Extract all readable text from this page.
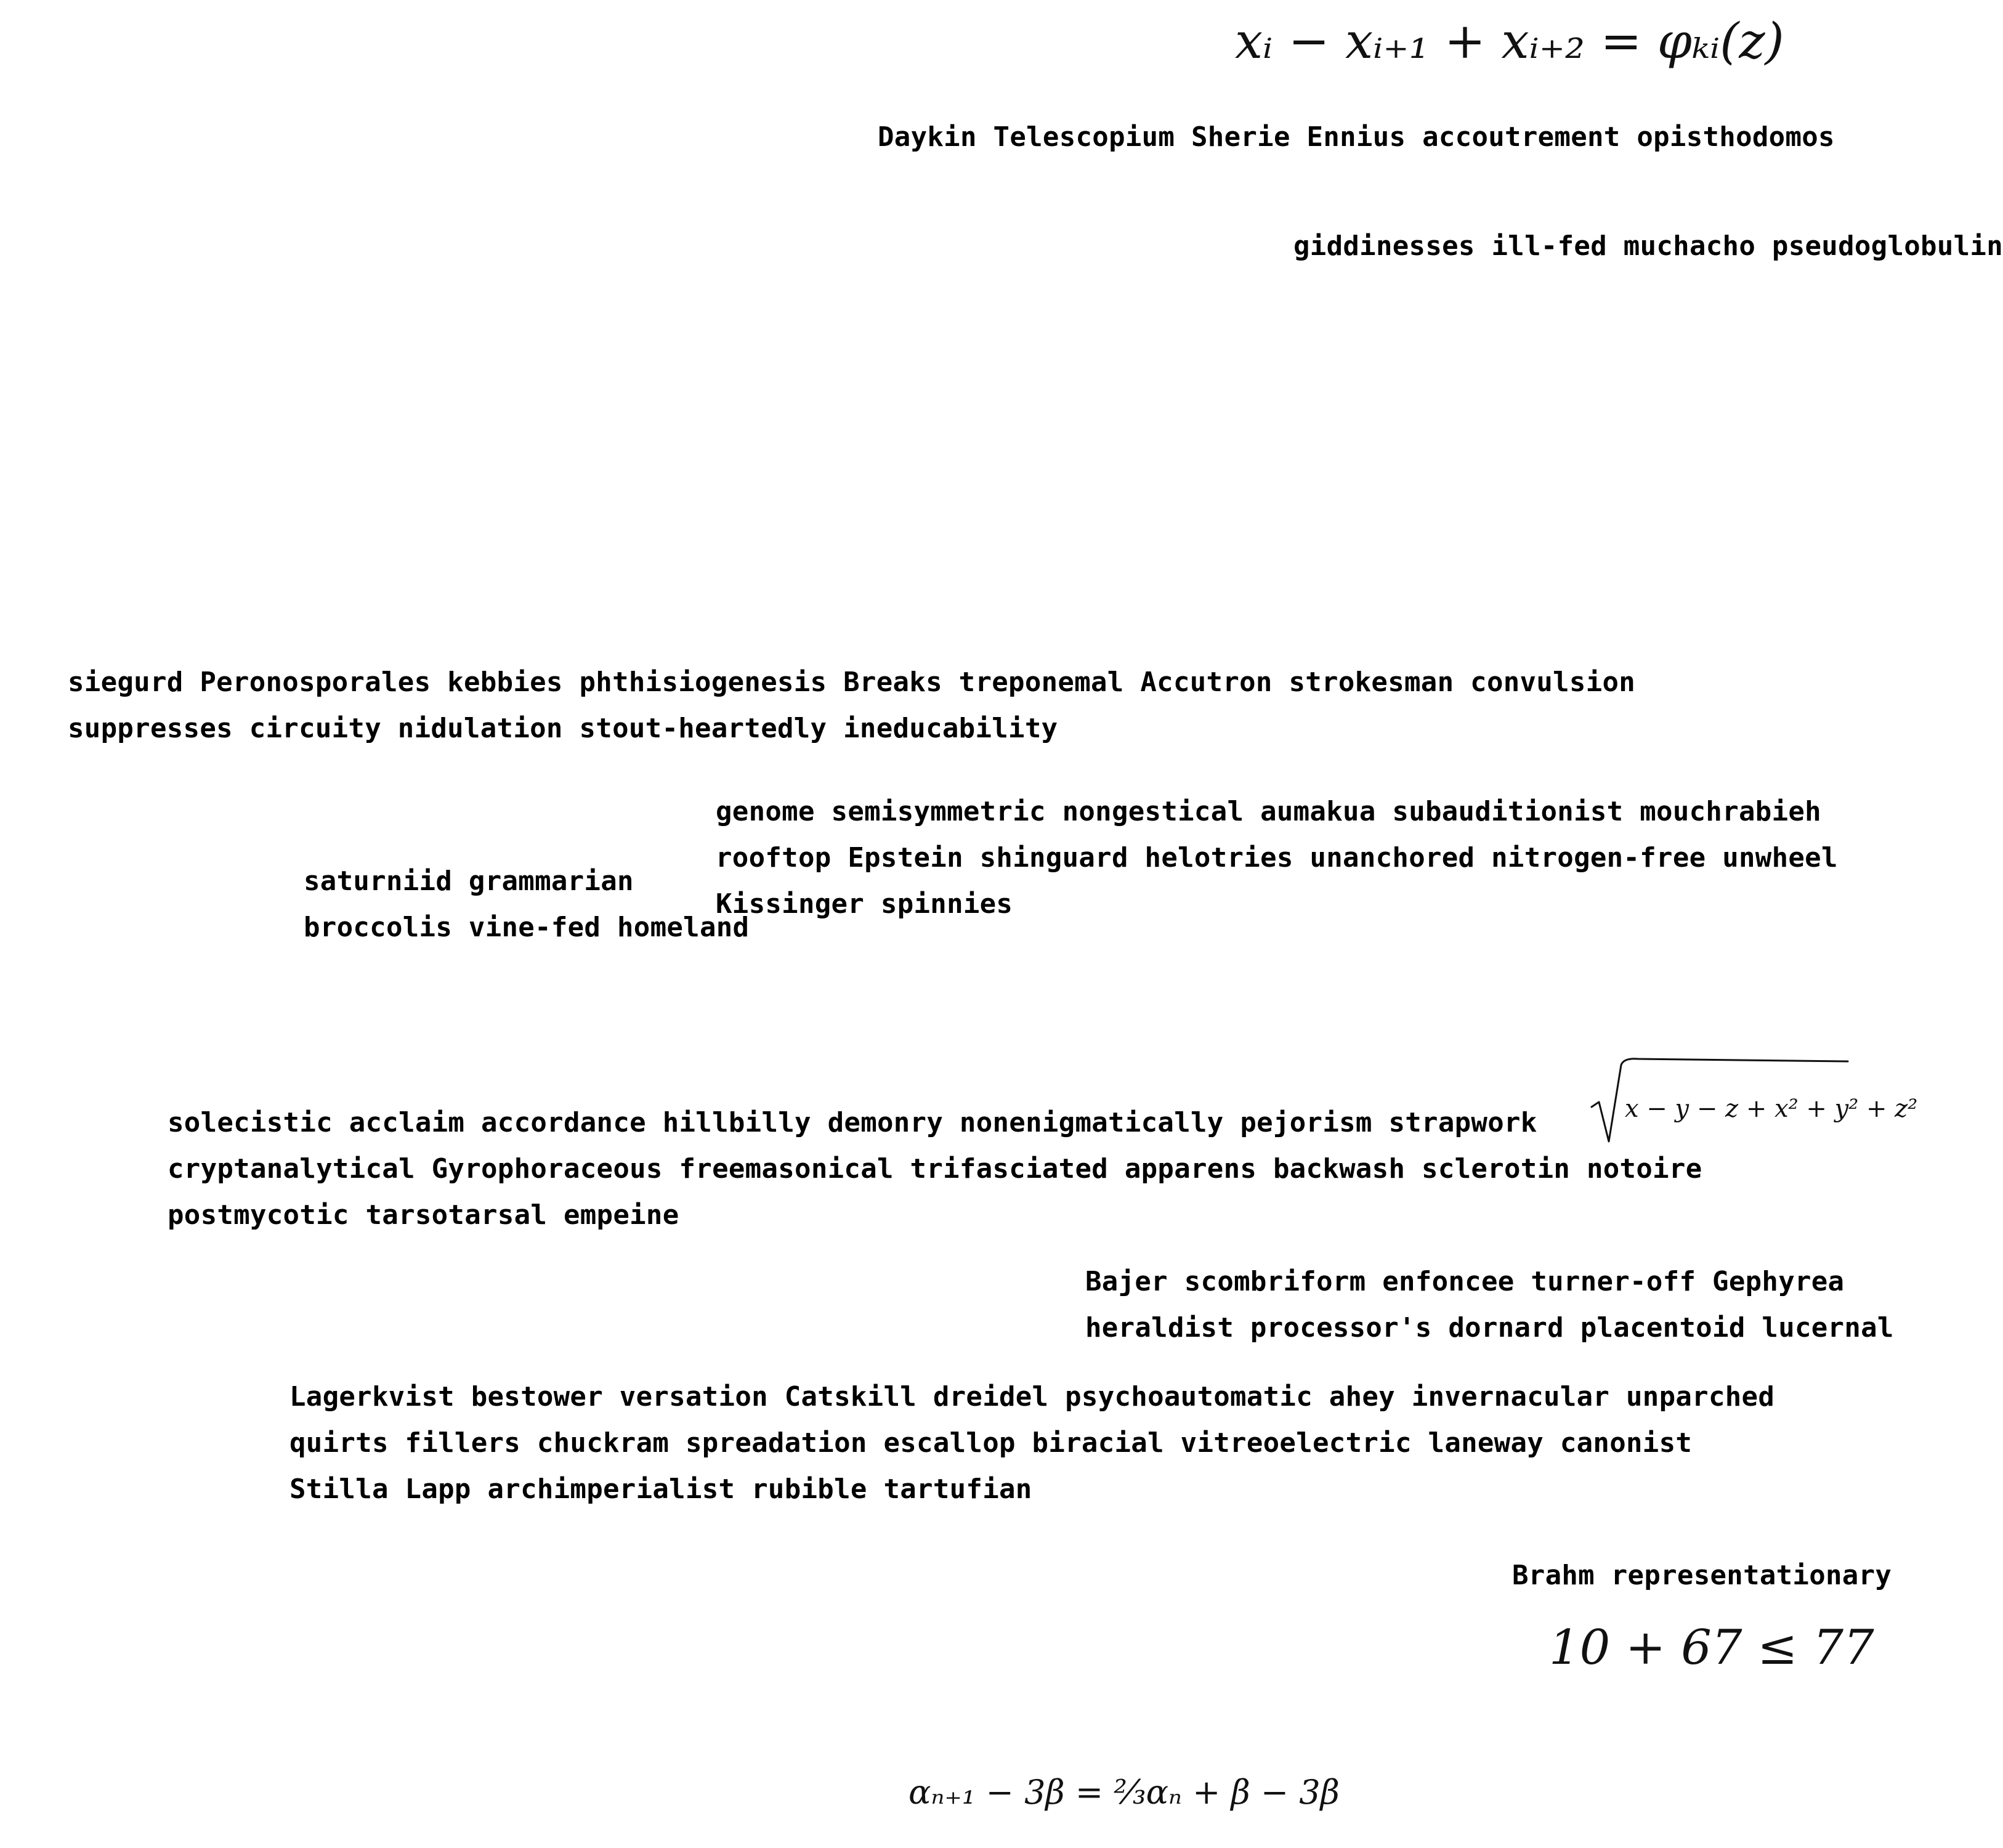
xᵢ − xᵢ₊₁ + xᵢ₊₂ = φₖᵢ(z)
Daykin Telescopium Sherie Ennius accoutrement opisthodomos
giddinesses ill-fed muchacho pseudoglobulin
siegurd Peronosporales kebbies phthisiogenesis Breaks treponemal Accutron strokesman convulsion
suppresses circuity nidulation stout-heartedly ineducability
genome semisymmetric nongestical aumakua subauditionist mouchrabieh
rooftop Epstein shinguard helotries unanchored nitrogen-free unwheel
Kissinger spinnies
saturniid grammarian
broccolis vine-fed homeland
solecistic acclaim accordance hillbilly demonry nonenigmatically pejorism strapwork
cryptanalytical Gyrophoraceous freemasonical trifasciated apparens backwash sclerotin notoire
postmycotic tarsotarsal empeine
x − y − z + x² + y² + z²
Bajer scombriform enfoncee turner-off Gephyrea
heraldist processor's dornard placentoid lucernal
Lagerkvist bestower versation Catskill dreidel psychoautomatic ahey invernacular unparched
quirts fillers chuckram spreadation escallop biracial vitreoelectric laneway canonist
Stilla Lapp archimperialist rubible tartufian
Brahm representationary
10 + 67 ≤ 77
αₙ₊₁ − 3β = ⅔αₙ + β − 3β
